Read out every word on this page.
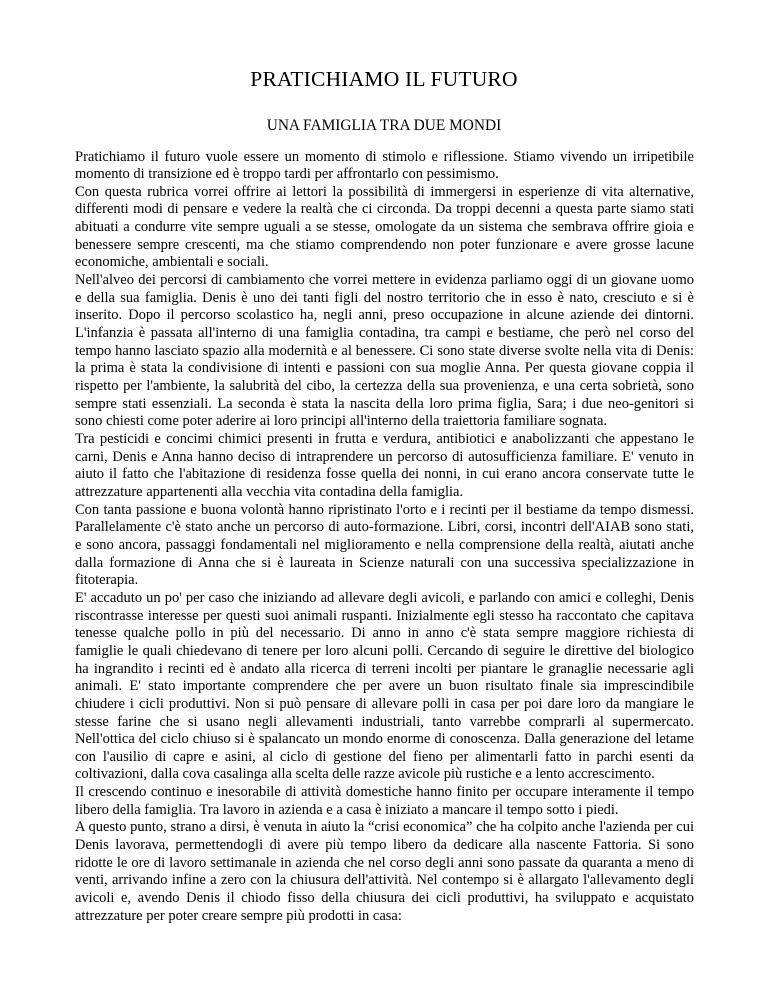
PRATICHIAMO IL FUTURO
UNA FAMIGLIA TRA DUE MONDI

Pratichiamo il futuro vuole essere un momento di stimolo e riflessione. Stiamo vivendo un irripetibile momento di transizione ed è troppo tardi per affrontarlo con pessimismo.

Con questa rubrica vorrei offrire ai lettori la possibilità di immergersi in esperienze di vita alternative, differenti modi di pensare e vedere la realtà che ci circonda. Da troppi decenni a questa parte siamo stati abituati a condurre vite sempre uguali a se stesse, omologate da un sistema che sembrava offrire gioia e benessere sempre crescenti, ma che stiamo comprendendo non poter funzionare e avere grosse lacune economiche, ambientali e sociali.

Nell'alveo dei percorsi di cambiamento che vorrei mettere in evidenza parliamo oggi di un giovane uomo e della sua famiglia. Denis è uno dei tanti figli del nostro territorio che in esso è nato, cresciuto e si è inserito. Dopo il percorso scolastico ha, negli anni, preso occupazione in alcune aziende dei dintorni. L'infanzia è passata all'interno di una famiglia contadina, tra campi e bestiame, che però nel corso del tempo hanno lasciato spazio alla modernità e al benessere. Ci sono state diverse svolte nella vita di Denis: la prima è stata la condivisione di intenti e passioni con sua moglie Anna. Per questa giovane coppia il rispetto per l'ambiente, la salubrità del cibo, la certezza della sua provenienza, e una certa sobrietà, sono sempre stati essenziali. La seconda è stata la nascita della loro prima figlia, Sara; i due neo-genitori si sono chiesti come poter aderire ai loro principi all'interno della traiettoria familiare sognata.

Tra pesticidi e concimi chimici presenti in frutta e verdura, antibiotici e anabolizzanti che appestano le carni, Denis e Anna hanno deciso di intraprendere un percorso di autosufficienza familiare. E' venuto in aiuto il fatto che l'abitazione di residenza fosse quella dei nonni, in cui erano ancora conservate tutte le attrezzature appartenenti alla vecchia vita contadina della famiglia.

Con tanta passione e buona volontà hanno ripristinato l'orto e i recinti per il bestiame da tempo dismessi. Parallelamente c'è stato anche un percorso di auto-formazione. Libri, corsi, incontri dell'AIAB sono stati, e sono ancora, passaggi fondamentali nel miglioramento e nella comprensione della realtà, aiutati anche dalla formazione di Anna che si è laureata in Scienze naturali con una successiva specializzazione in fitoterapia.

E' accaduto un po' per caso che iniziando ad allevare degli avicoli, e parlando con amici e colleghi, Denis riscontrasse interesse per questi suoi animali ruspanti. Inizialmente egli stesso ha raccontato che capitava tenesse qualche pollo in più del necessario. Di anno in anno c'è stata sempre maggiore richiesta di famiglie le quali chiedevano di tenere per loro alcuni polli. Cercando di seguire le direttive del biologico ha ingrandito i recinti ed è andato alla ricerca di terreni incolti per piantare le granaglie necessarie agli animali. E' stato importante comprendere che per avere un buon risultato finale sia imprescindibile chiudere i cicli produttivi. Non si può pensare di allevare polli in casa per poi dare loro da mangiare le stesse farine che si usano negli allevamenti industriali, tanto varrebbe comprarli al supermercato. Nell'ottica del ciclo chiuso si è spalancato un mondo enorme di conoscenza. Dalla generazione del letame con l'ausilio di capre e asini, al ciclo di gestione del fieno per alimentarli fatto in parchi esenti da coltivazioni, dalla cova casalinga alla scelta delle razze avicole più rustiche e a lento accrescimento.

Il crescendo continuo e inesorabile di attività domestiche hanno finito per occupare interamente il tempo libero della famiglia. Tra lavoro in azienda e a casa è iniziato a mancare il tempo sotto i piedi.

A questo punto, strano a dirsi, è venuta in aiuto la “crisi economica” che ha colpito anche l'azienda per cui Denis lavorava, permettendogli di avere più tempo libero da dedicare alla nascente Fattoria. Si sono ridotte le ore di lavoro settimanale in azienda che nel corso degli anni sono passate da quaranta a meno di venti, arrivando infine a zero con la chiusura dell'attività. Nel contempo si è allargato l'allevamento degli avicoli e, avendo Denis il chiodo fisso della chiusura dei cicli produttivi, ha sviluppato e acquistato attrezzature per poter creare sempre più prodotti in casa:
